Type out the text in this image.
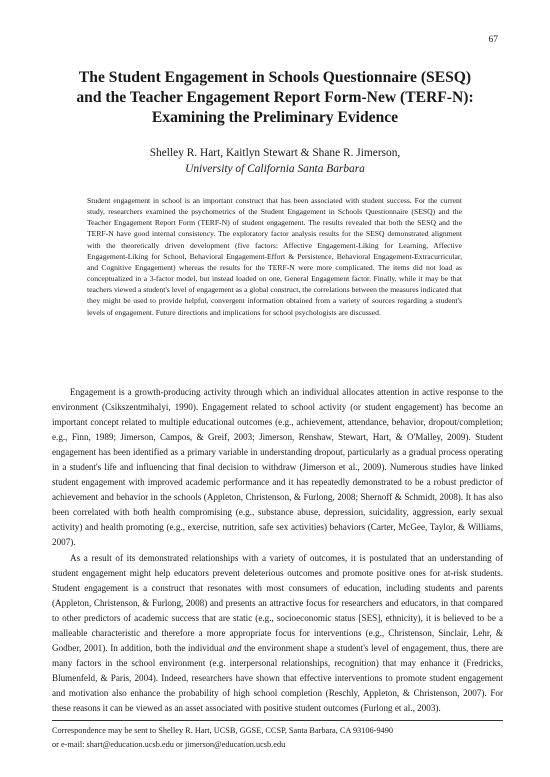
67
The Student Engagement in Schools Questionnaire (SESQ)
and the Teacher Engagement Report Form-New (TERF-N):
Examining the Preliminary Evidence
Shelley R. Hart, Kaitlyn Stewart & Shane R. Jimerson,
University of California Santa Barbara
Student engagement in school is an important construct that has been associated with student success. For the current study, researchers examined the psychometrics of the Student Engagement in Schools Questionnaire (SESQ) and the Teacher Engagement Report Form (TERF-N) of student engagement. The results revealed that both the SESQ and the TERF-N have good internal consistency. The exploratory factor analysis results for the SESQ demonstrated alignment with the theoretically driven development (five factors: Affective Engagement-Liking for Learning, Affective Engagement-Liking for School, Behavioral Engagement-Effort & Persistence, Behavioral Engagement-Extracurricular, and Cognitive Engagement) whereas the results for the TERF-N were more complicated. The items did not load as conceptualized in a 3-factor model, but instead loaded on one, General Engagement factor. Finally, while it may be that teachers viewed a student's level of engagement as a global construct, the correlations between the measures indicated that they might be used to provide helpful, convergent information obtained from a variety of sources regarding a student's levels of engagement. Future directions and implications for school psychologists are discussed.

Engagement is a growth-producing activity through which an individual allocates attention in active response to the environment (Csikszentmihalyi, 1990). Engagement related to school activity (or student engagement) has become an important concept related to multiple educational outcomes (e.g., achievement, attendance, behavior, dropout/completion; e.g., Finn, 1989; Jimerson, Campos, & Greif, 2003; Jimerson, Renshaw, Stewart, Hart, & O'Malley, 2009). Student engagement has been identified as a primary variable in understanding dropout, particularly as a gradual process operating in a student's life and influencing that final decision to withdraw (Jimerson et al., 2009). Numerous studies have linked student engagement with improved academic performance and it has repeatedly demonstrated to be a robust predictor of achievement and behavior in the schools (Appleton, Christenson, & Furlong, 2008; Shernoff & Schmidt, 2008). It has also been correlated with both health compromising (e.g., substance abuse, depression, suicidality, aggression, early sexual activity) and health promoting (e.g., exercise, nutrition, safe sex activities) behaviors (Carter, McGee, Taylor, & Williams, 2007).

As a result of its demonstrated relationships with a variety of outcomes, it is postulated that an understanding of student engagement might help educators prevent deleterious outcomes and promote positive ones for at-risk students. Student engagement is a construct that resonates with most consumers of education, including students and parents (Appleton, Christenson, & Furlong, 2008) and presents an attractive focus for researchers and educators, in that compared to other predictors of academic success that are static (e.g., socioeconomic status [SES], ethnicity), it is believed to be a malleable characteristic and therefore a more appropriate focus for interventions (e.g., Christenson, Sinclair, Lehr, & Godber, 2001). In addition, both the individual and the environment shape a student's level of engagement, thus, there are many factors in the school environment (e.g. interpersonal relationships, recognition) that may enhance it (Fredricks, Blumenfeld, & Paris, 2004). Indeed, researchers have shown that effective interventions to promote student engagement and motivation also enhance the probability of high school completion (Reschly, Appleton, & Christenson, 2007). For these reasons it can be viewed as an asset associated with positive student outcomes (Furlong et al., 2003).

Correspondence may be sent to Shelley R. Hart, UCSB, GGSE, CCSP, Santa Barbara, CA 93106-9490
or e-mail: shart@education.ucsb.edu or jimerson@education.ucsb.edu
